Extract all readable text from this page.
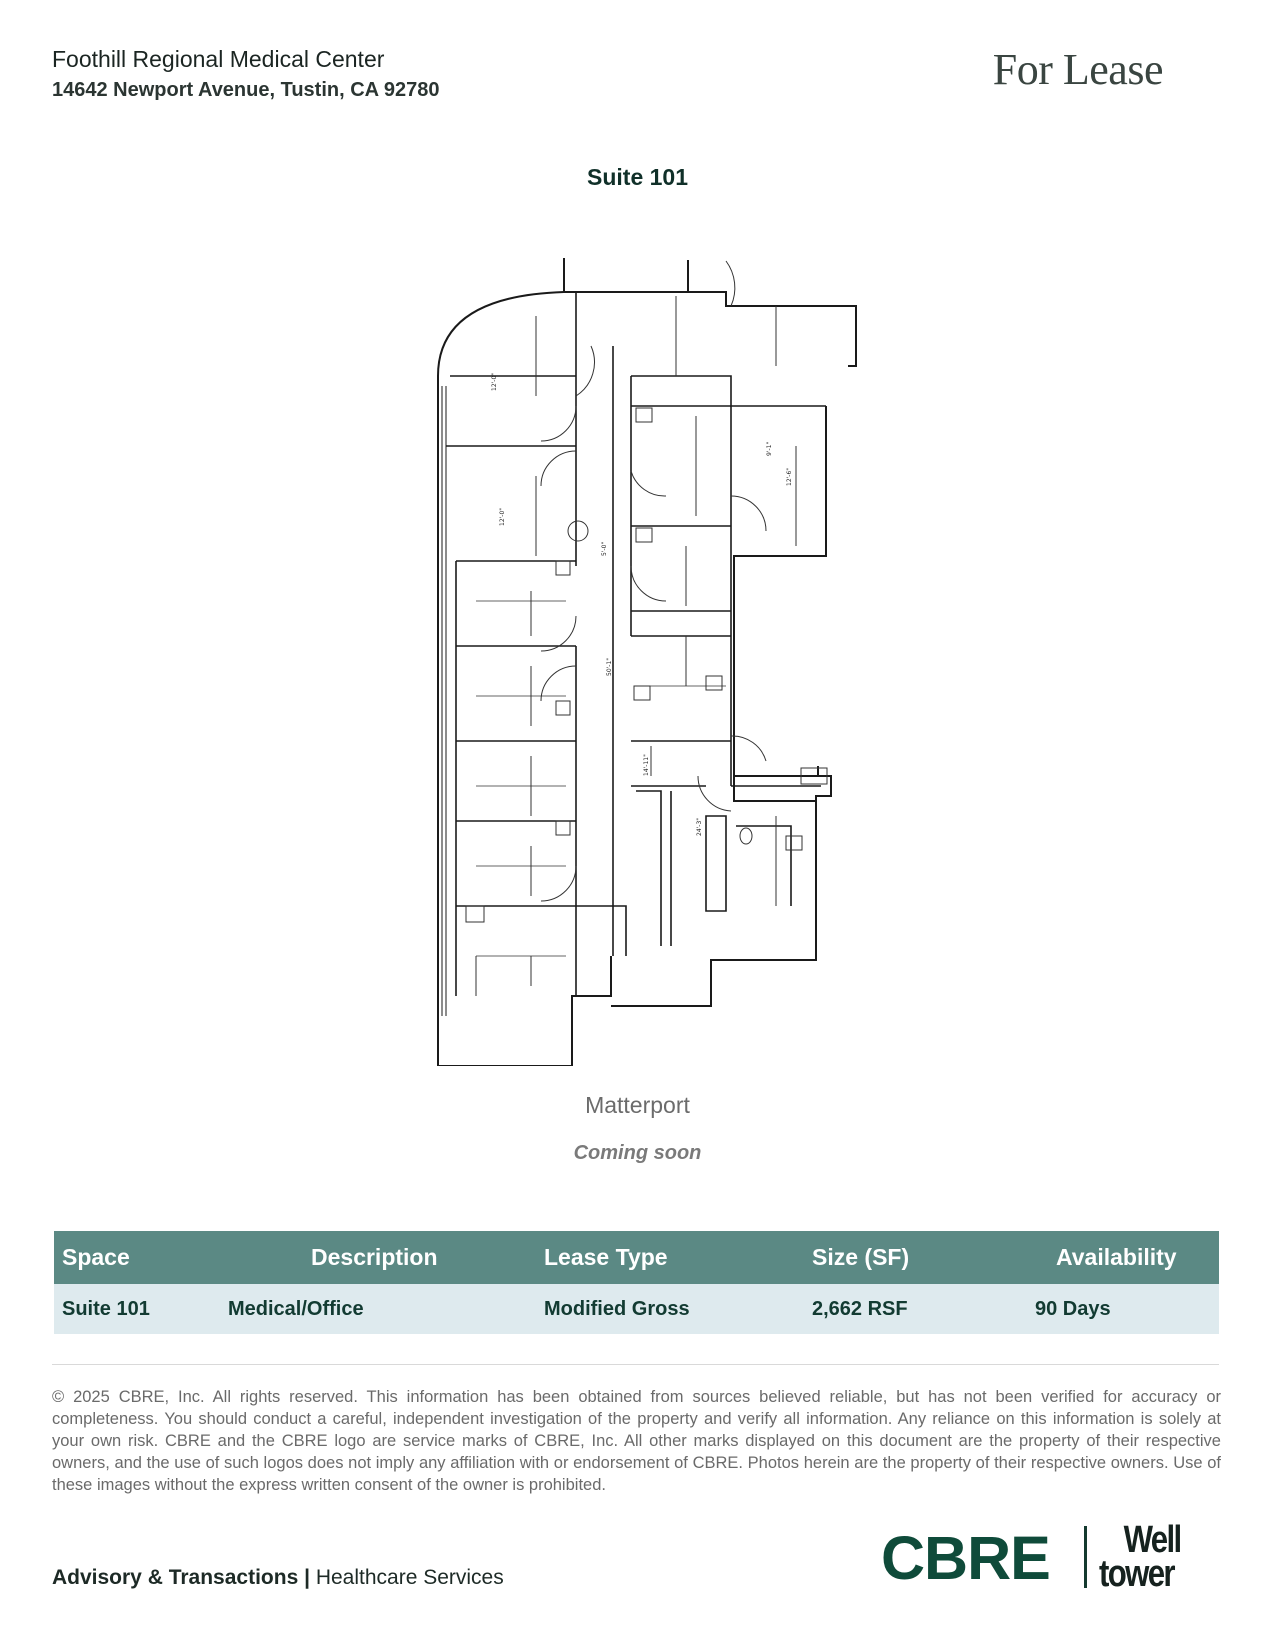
Foothill Regional Medical Center
14642 Newport Avenue, Tustin, CA 92780	For Lease
Suite 101
12'-0"
12'-0"
5'-0"
50'-1"
14'-11"
9'-1"
12'-6"
24'-3"
Matterport
Coming soon
Space	Description	Lease Type	Size (SF)	Availability
Suite 101	Medical/Office	Modified Gross	2,662 RSF	90 Days
© 2025 CBRE, Inc. All rights reserved. This information has been obtained from sources believed reliable, but has not been verified for accuracy or completeness. You should conduct a careful, independent investigation of the property and verify all information. Any reliance on this information is solely at your own risk. CBRE and the CBRE logo are service marks of CBRE, Inc. All other marks displayed on this document are the property of their respective owners, and the use of such logos does not imply any affiliation with or endorsement of CBRE. Photos herein are the property of their respective owners. Use of these images without the express written consent of the owner is prohibited.
Advisory & Transactions | Healthcare Services	CBRE	Well
tower
